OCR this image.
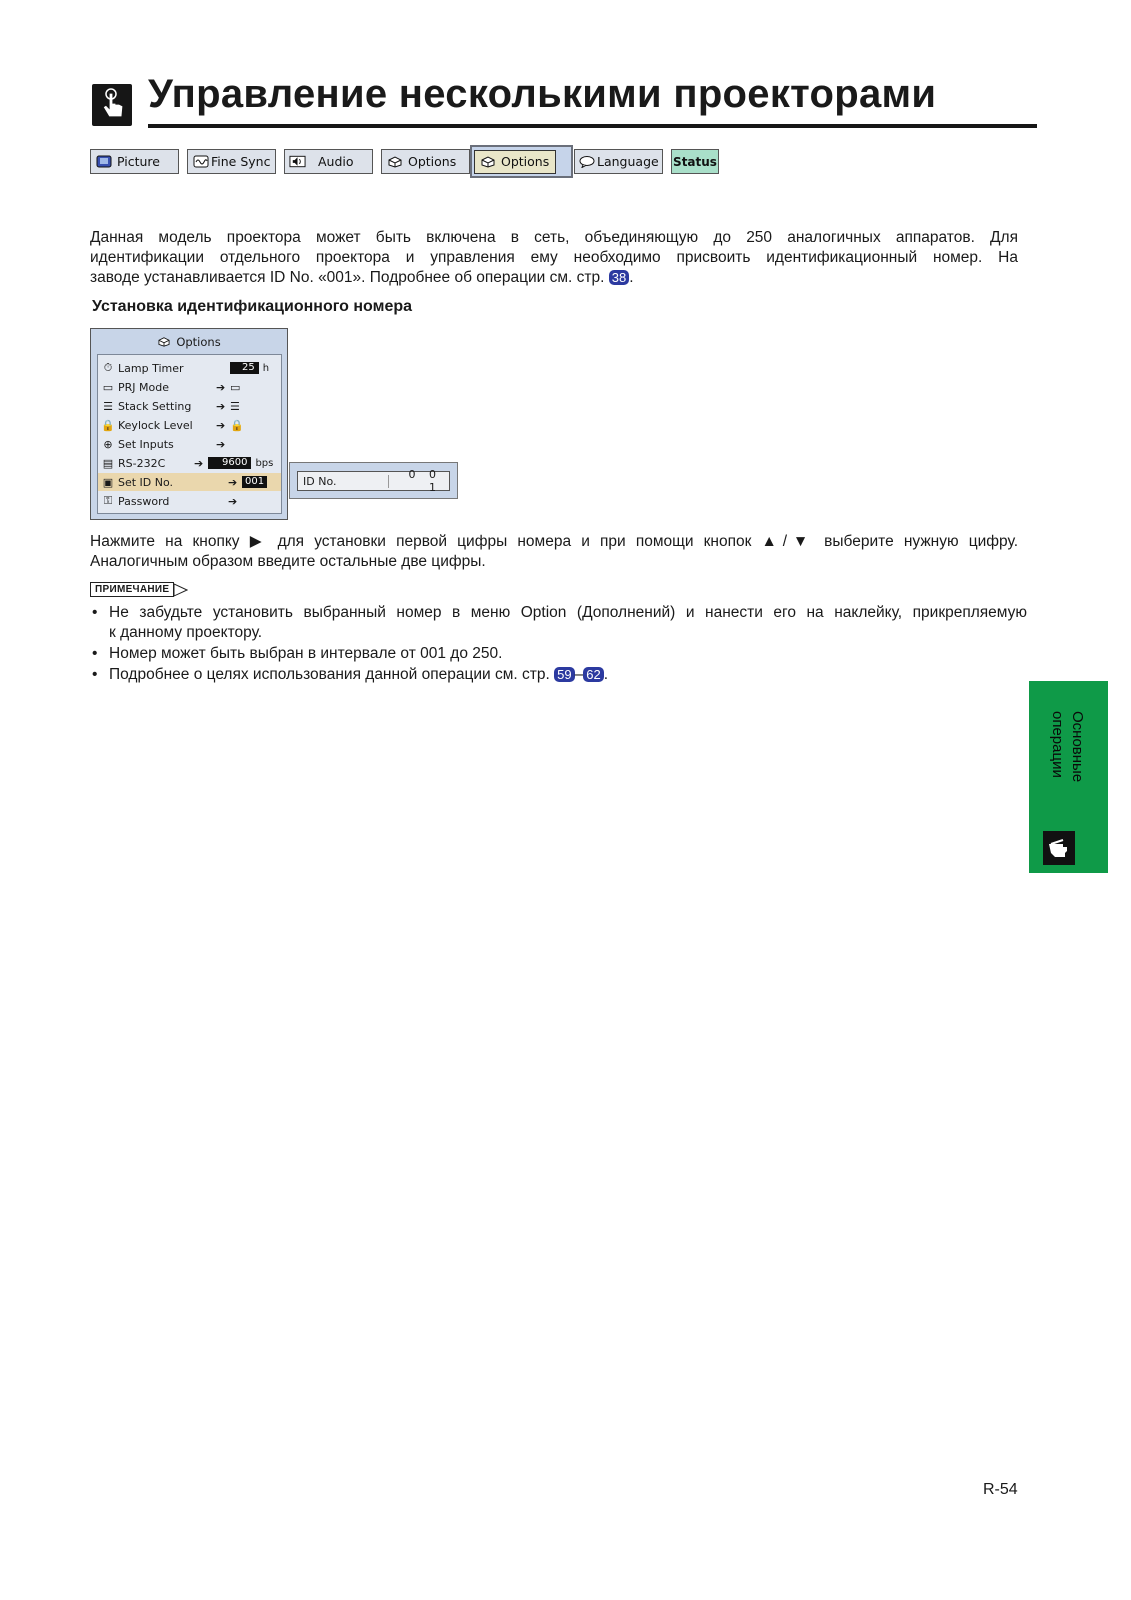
Управление несколькими проекторами
Picture	Fine Sync	Audio	Options	Options	Language Status
Данная модель проектора может быть включена в сеть, объединяющую до 250 аналогичных аппаратов. Для
идентификации отдельного проектора и управления ему необходимо присвоить идентификационный номер. На
заводе устанавливается ID No. «001». Подробнее об операции см. стр. 38 .
Установка идентификационного номера
Options
⏱ Lamp Timer	25 h
▭ PRJ Mode	➔ ▭
☰ Stack Setting	➔ ☰
🔒 Keylock Level	➔ 🔒
⊕ Set Inputs	➔
▤ RS-232C	➔	9600 bps
▣ Set ID No.	➔ 001
⚿ Password	➔
ID No.	0 0 1
Нажмите на кнопку ▶ для установки первой цифры номера и при помощи кнопок ▲/▼ выберите нужную цифру.
Аналогичным образом введите остальные две цифры.
ПРИМЕЧАНИЕ
• Не забудьте установить выбранный номер в меню Option (Дополнений) и нанести его на наклейку, прикрепляемую
к данному проектору.
• Номер может быть выбран в интервале от 001 до 250.
• Подробнее о целях использования данной операции см. стр. 59 – 62 .
Основные
операции
R-54
